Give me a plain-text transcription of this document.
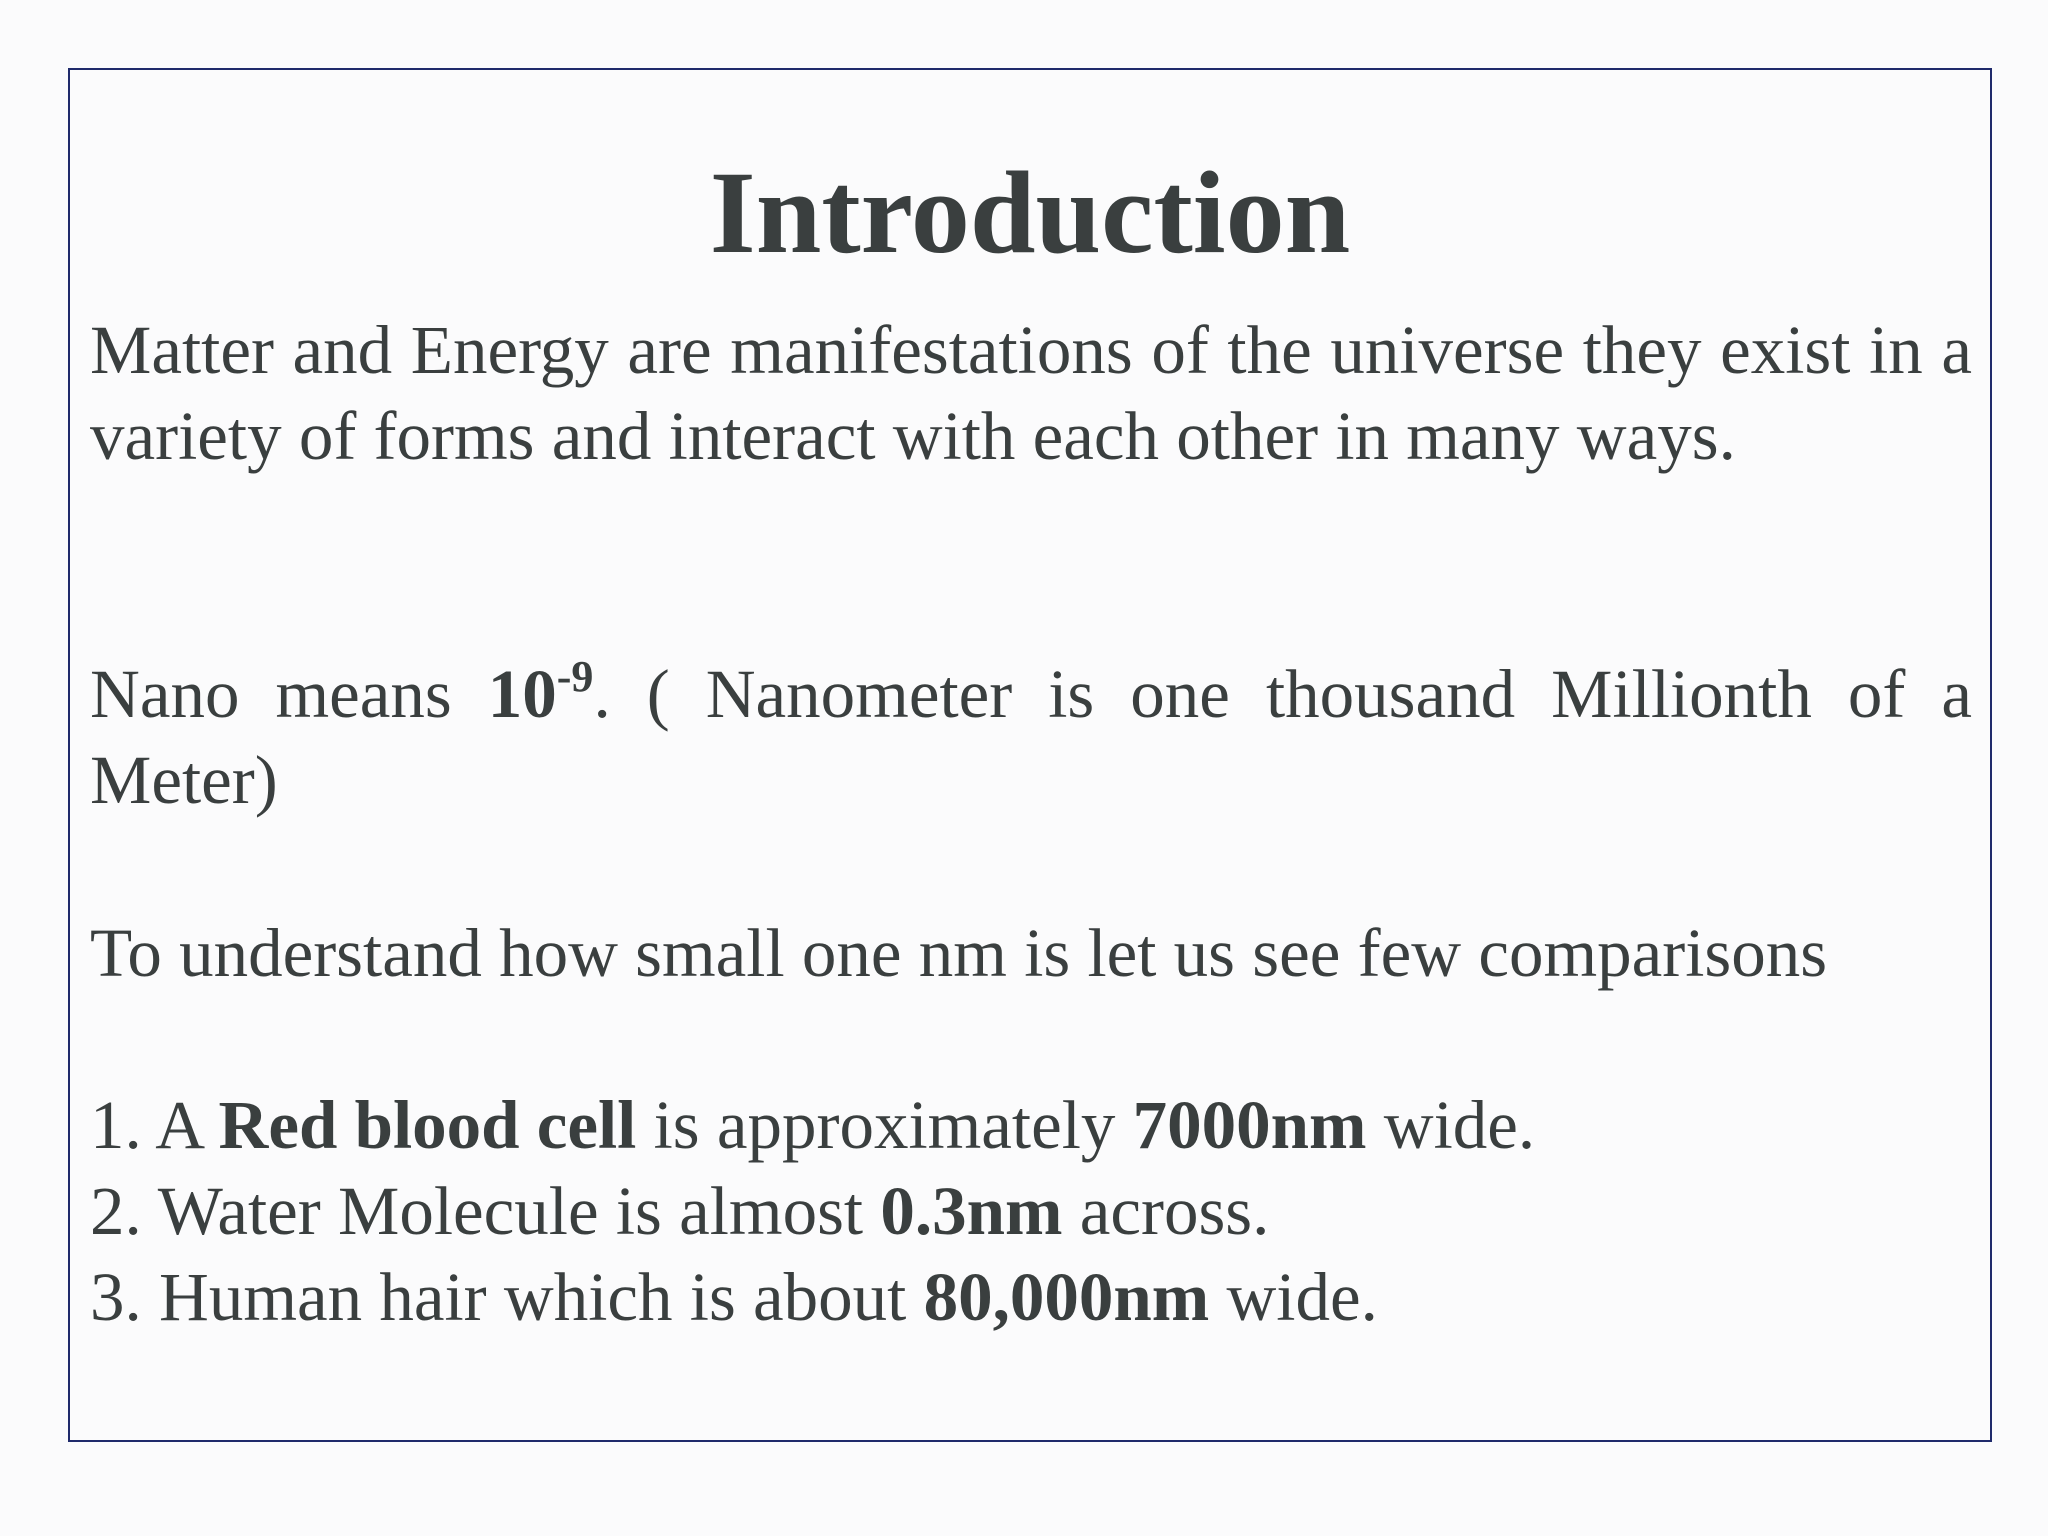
Introduction

Matter and Energy are manifestations of the universe they exist in a variety of forms and interact with each other in many ways.

Nano means $10^{-9}$. ( Nanometer is one thousand Millionth of a Meter)

To understand how small one nm is let us see few comparisons

1. A Red blood cell is approximately 7000nm wide.
2. Water Molecule is almost 0.3nm across.
3. Human hair which is about 80,000nm wide.
